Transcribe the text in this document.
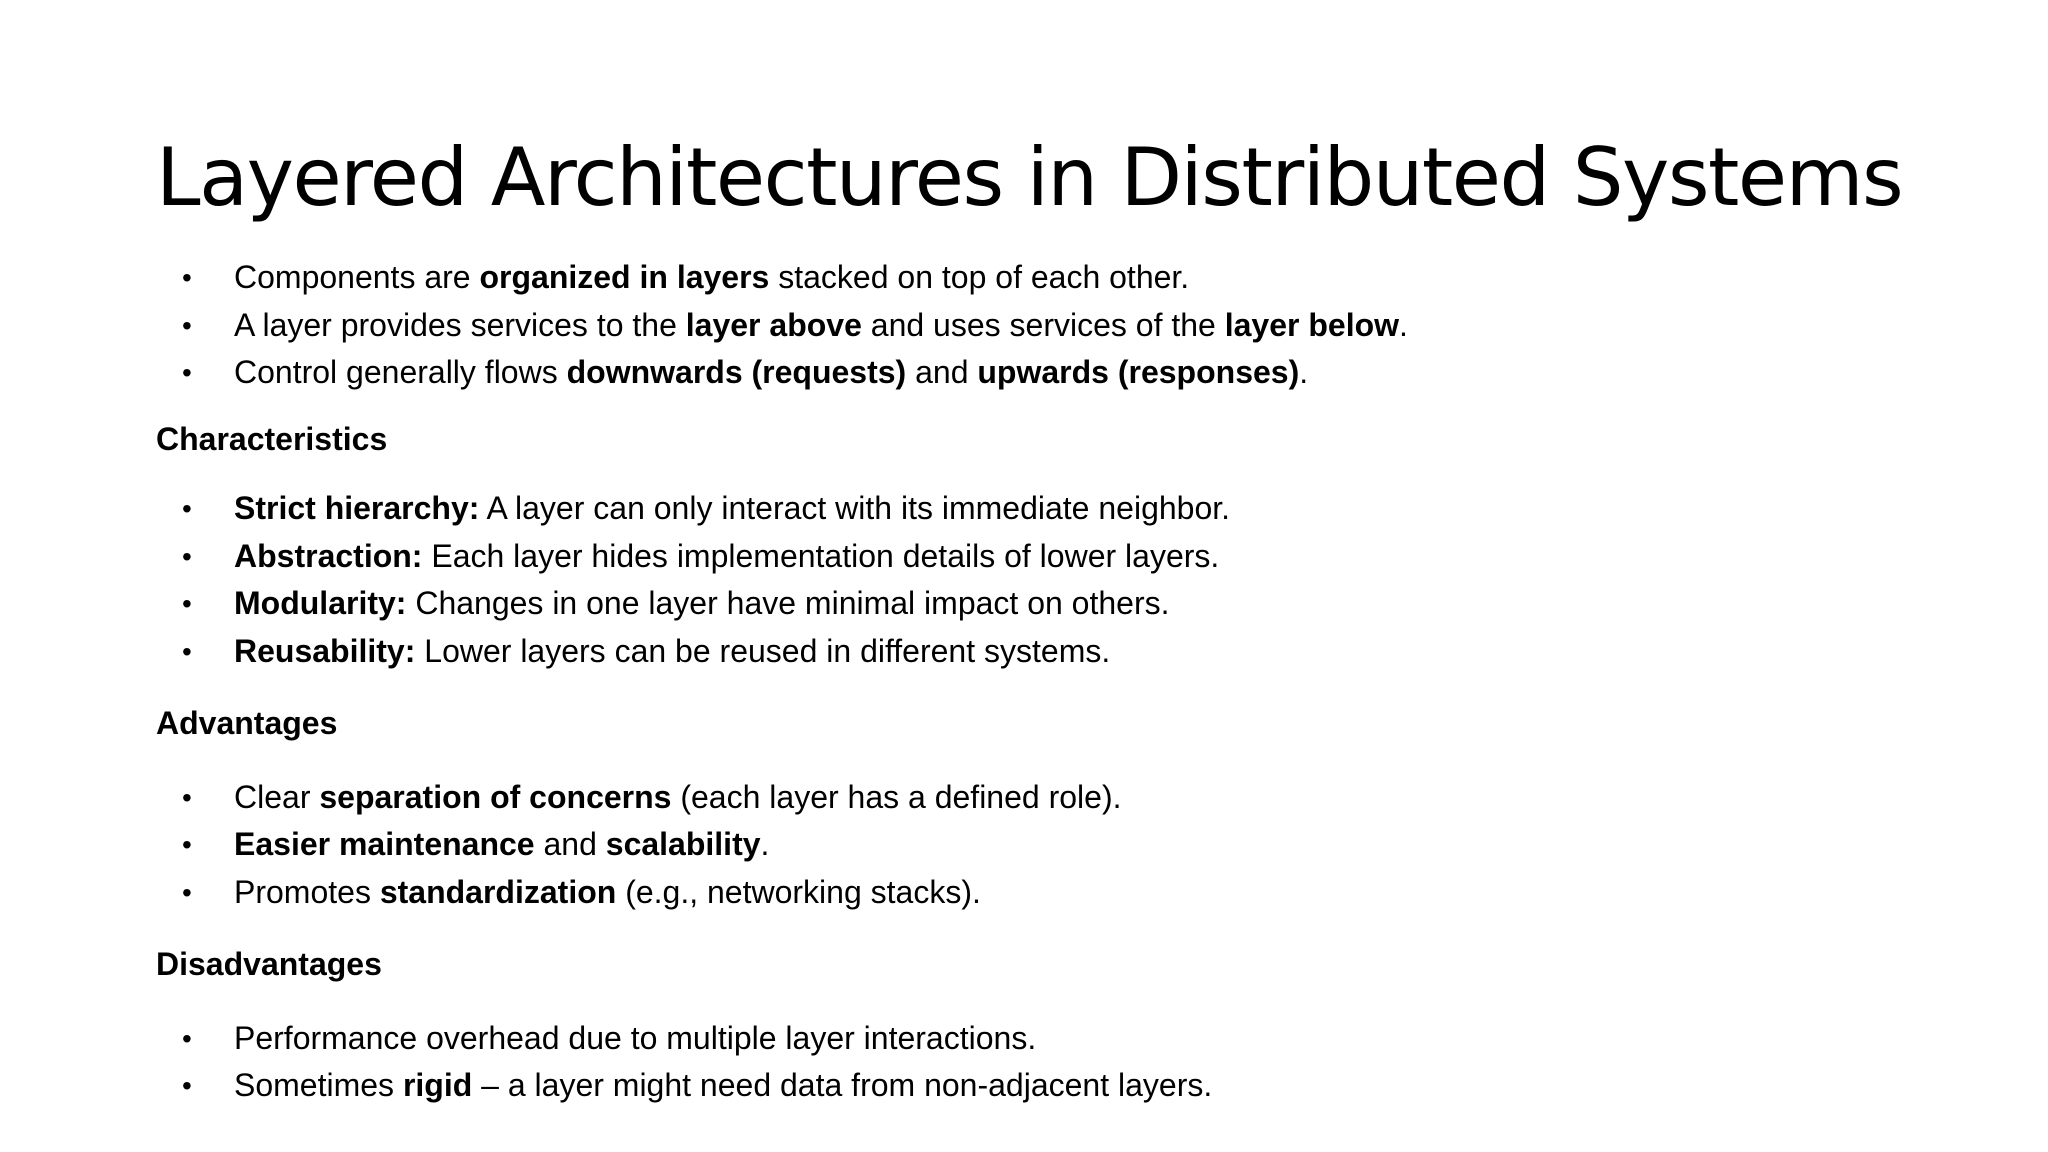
Layered Architectures in Distributed Systems
• Components are organized in layers stacked on top of each other.
• A layer provides services to the layer above and uses services of the layer below.
• Control generally flows downwards (requests) and upwards (responses).
Characteristics
• Strict hierarchy: A layer can only interact with its immediate neighbor.
• Abstraction: Each layer hides implementation details of lower layers.
• Modularity: Changes in one layer have minimal impact on others.
• Reusability: Lower layers can be reused in different systems.
Advantages
• Clear separation of concerns (each layer has a defined role).
• Easier maintenance and scalability.
• Promotes standardization (e.g., networking stacks).
Disadvantages
• Performance overhead due to multiple layer interactions.
• Sometimes rigid – a layer might need data from non-adjacent layers.
